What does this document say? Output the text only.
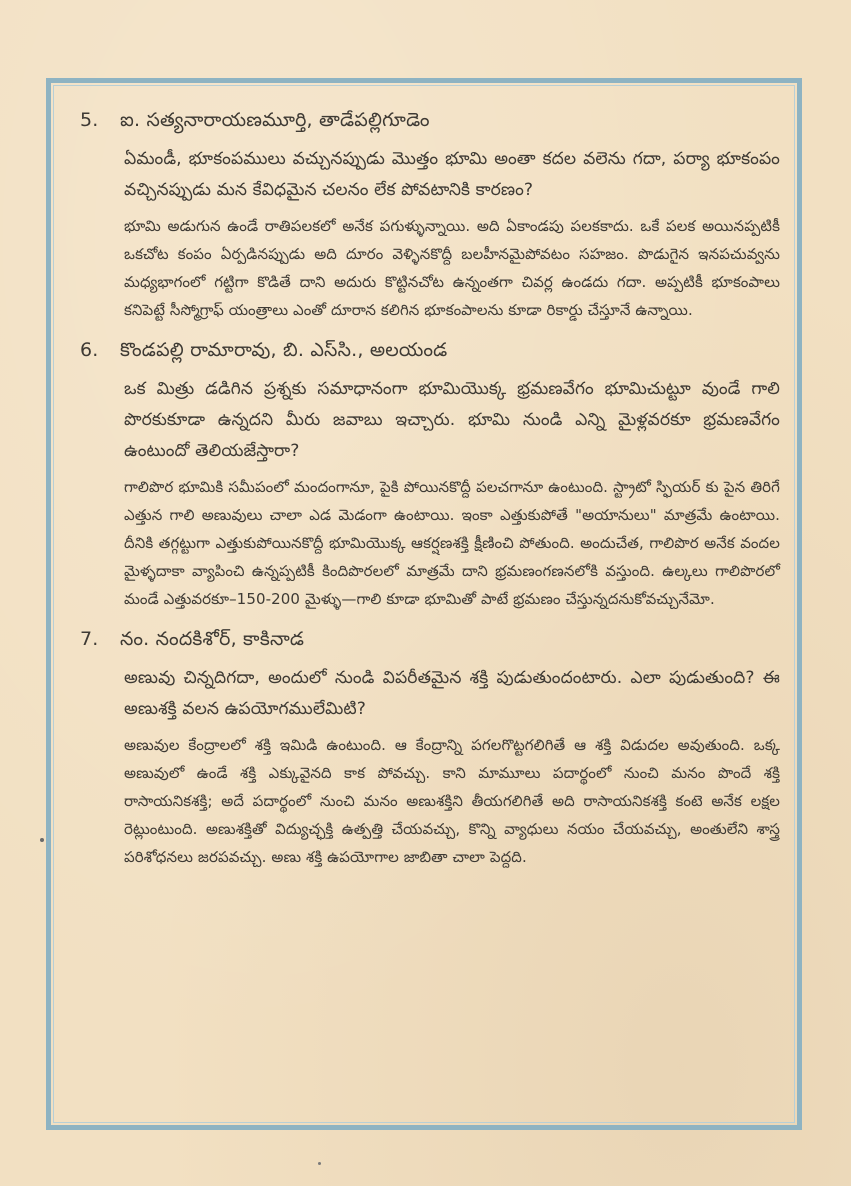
5. ఐ. సత్యనారాయణమూర్తి, తాడేపల్లిగూడెం

ఏమండీ, భూకంపములు వచ్చునప్పుడు మొత్తం భూమి అంతా కదల వలెను గదా, పర్యా భూకంపం వచ్చినప్పుడు మన కేవిధమైన చలనం లేక పోవటానికి కారణం?

భూమి అడుగున ఉండే రాతిపలకలో అనేక పగుళ్ళున్నాయి. అది ఏకాండపు పలకకాదు. ఒకే పలక అయినప్పటికీ ఒకచోట కంపం ఏర్పడినప్పుడు అది దూరం వెళ్ళినకొద్దీ బలహీనమైపోవటం సహజం. పొడుగైన ఇనపచువ్వను మధ్యభాగంలో గట్టిగా కొడితే దాని అదురు కొట్టినచోట ఉన్నంతగా చివర్ల ఉండదు గదా. అప్పటికీ భూకంపాలు కనిపెట్టే సీస్మోగ్రాఫ్ యంత్రాలు ఎంతో దూరాన కలిగిన భూకంపాలను కూడా రికార్డు చేస్తూనే ఉన్నాయి.

6. కొండపల్లి రామారావు, బి. ఎస్‌సి., అలయండ

ఒక మిత్రు డడిగిన ప్రశ్నకు సమాధానంగా భూమియొక్క భ్రమణవేగం భూమిచుట్టూ వుండే గాలి పొరకుకూడా ఉన్నదని మీరు జవాబు ఇచ్చారు. భూమి నుండి ఎన్ని మైళ్లవరకూ భ్రమణవేగం ఉంటుందో తెలియజేస్తారా?

గాలిపొర భూమికి సమీపంలో మందంగానూ, పైకి పోయినకొద్దీ పలచగానూ ఉంటుంది. స్ట్రాటో స్ఫియర్ కు పైన తిరిగే ఎత్తున గాలి అణువులు చాలా ఎడ మెడంగా ఉంటాయి. ఇంకా ఎత్తుకుపోతే "అయానులు" మాత్రమే ఉంటాయి. దీనికి తగ్గట్టుగా ఎత్తుకుపోయినకొద్దీ భూమియొక్క ఆకర్షణశక్తి క్షీణించి పోతుంది. అందుచేత, గాలిపొర అనేక వందల మైళ్ళదాకా వ్యాపించి ఉన్నప్పటికీ కిందిపొరలలో మాత్రమే దాని భ్రమణంగణనలోకి వస్తుంది. ఉల్కలు గాలిపొరలో మండే ఎత్తువరకూ–150-200 మైళ్ళు—గాలి కూడా భూమితో పాటే భ్రమణం చేస్తున్నదనుకోవచ్చునేమో.

7. నం. నందకిశోర్, కాకినాడ

అణువు చిన్నదిగదా, అందులో నుండి విపరీతమైన శక్తి పుడుతుందంటారు. ఎలా పుడుతుంది? ఈ అణుశక్తి వలన ఉపయోగములేమిటి?

అణువుల కేంద్రాలలో శక్తి ఇమిడి ఉంటుంది. ఆ కేంద్రాన్ని పగలగొట్టగలిగితే ఆ శక్తి విడుదల అవుతుంది. ఒక్క అణువులో ఉండే శక్తి ఎక్కువైనది కాక పోవచ్చు. కాని మామూలు పదార్థంలో నుంచి మనం పొందే శక్తి రాసాయనికశక్తి; అదే పదార్థంలో నుంచి మనం అణుశక్తిని తీయగలిగితే అది రాసాయనికశక్తి కంటె అనేక లక్షల రెట్లుంటుంది. అణుశక్తితో విద్యుచ్ఛక్తి ఉత్పత్తి చేయవచ్చు, కొన్ని వ్యాధులు నయం చేయవచ్చు, అంతులేని శాస్త్ర పరిశోధనలు జరపవచ్చు. అణు శక్తి ఉపయోగాల జాబితా చాలా పెద్దది.
